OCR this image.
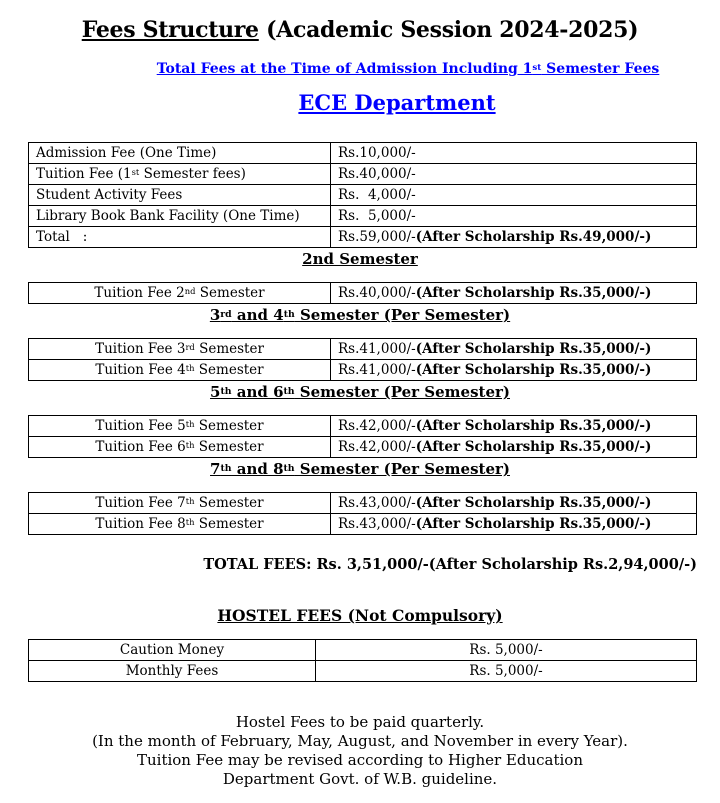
Fees Structure (Academic Session 2024-2025)
Total Fees at the Time of Admission Including 1st Semester Fees
ECE Department
Admission Fee (One Time)	Rs.10,000/-
Tuition Fee (1st Semester fees)	Rs.40,000/-
Student Activity Fees	Rs.  4,000/-
Library Book Bank Facility (One Time)	Rs.  5,000/-
Total   :	Rs.59,000/-(After Scholarship Rs.49,000/-)
2nd Semester
Tuition Fee 2nd Semester	Rs.40,000/-(After Scholarship Rs.35,000/-)
3rd and 4th Semester (Per Semester)
Tuition Fee 3rd Semester	Rs.41,000/-(After Scholarship Rs.35,000/-)
Tuition Fee 4th Semester	Rs.41,000/-(After Scholarship Rs.35,000/-)
5th and 6th Semester (Per Semester)
Tuition Fee 5th Semester	Rs.42,000/-(After Scholarship Rs.35,000/-)
Tuition Fee 6th Semester	Rs.42,000/-(After Scholarship Rs.35,000/-)
7th and 8th Semester (Per Semester)
Tuition Fee 7th Semester	Rs.43,000/-(After Scholarship Rs.35,000/-)
Tuition Fee 8th Semester	Rs.43,000/-(After Scholarship Rs.35,000/-)
TOTAL FEES: Rs. 3,51,000/-(After Scholarship Rs.2,94,000/-)
HOSTEL FEES (Not Compulsory)
Caution Money	Rs. 5,000/-
Monthly Fees	Rs. 5,000/-
Hostel Fees to be paid quarterly.
(In the month of February, May, August, and November in every Year).
Tuition Fee may be revised according to Higher Education
Department Govt. of W.B. guideline.
